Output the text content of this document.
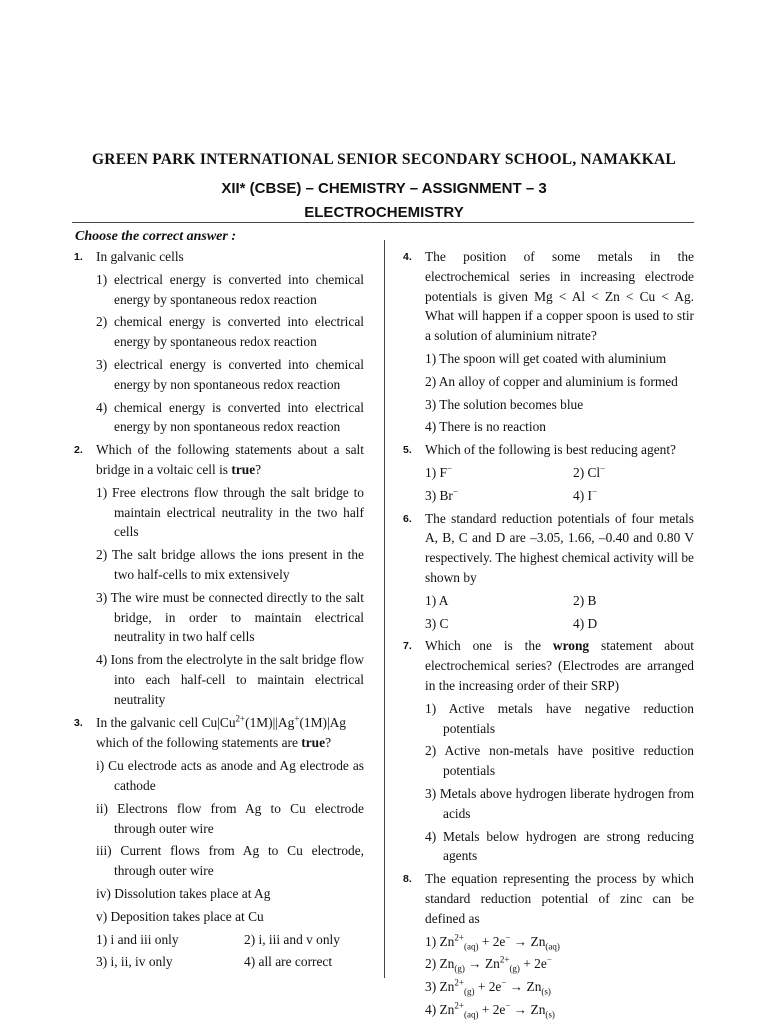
GREEN PARK INTERNATIONAL SENIOR SECONDARY SCHOOL, NAMAKKAL
XII* (CBSE) – CHEMISTRY – ASSIGNMENT – 3
ELECTROCHEMISTRY
Choose the correct answer :
1. In galvanic cells
1) electrical energy is converted into chemical energy by spontaneous redox reaction
2) chemical energy is converted into electrical energy by spontaneous redox reaction
3) electrical energy is converted into chemical energy by non spontaneous redox reaction
4) chemical energy is converted into electrical energy by non spontaneous redox reaction
2. Which of the following statements about a salt bridge in a voltaic cell is true?
1) Free electrons flow through the salt bridge to maintain electrical neutrality in the two half cells
2) The salt bridge allows the ions present in the two half-cells to mix extensively
3) The wire must be connected directly to the salt bridge, in order to maintain electrical neutrality in two half cells
4) Ions from the electrolyte in the salt bridge flow into each half-cell to maintain electrical neutrality
3. In the galvanic cell $Cu|Cu^{2+}(1M)||Ag^+(1M)|Ag$
which of the following statements are true?
i) Cu electrode acts as anode and Ag electrode as cathode
ii) Electrons flow from Ag to Cu electrode through outer wire
iii) Current flows from Ag to Cu electrode, through outer wire
iv) Dissolution takes place at Ag
v) Deposition takes place at Cu
1) i and iii only	2) i, iii and v only
3) i, ii, iv only	4) all are correct
4. The position of some metals in the electrochemical series in increasing electrode potentials is given Mg < Al < Zn < Cu < Ag. What will happen if a copper spoon is used to stir a solution of aluminium nitrate?
1) The spoon will get coated with aluminium
2) An alloy of copper and aluminium is formed
3) The solution becomes blue
4) There is no reaction
5. Which of the following is best reducing agent?
1) F−	2) Cl−
3) Br−	4) I−
6. The standard reduction potentials of four metals A, B, C and D are –3.05, 1.66, –0.40 and 0.80 V respectively. The highest chemical activity will be shown by
1) A	2) B
3) C	4) D
7. Which one is the wrong statement about electrochemical series? (Electrodes are arranged in the increasing order of their SRP)
1) Active metals have negative reduction potentials
2) Active non-metals have positive reduction potentials
3) Metals above hydrogen liberate hydrogen from acids
4) Metals below hydrogen are strong reducing agents
8. The equation representing the process by which standard reduction potential of zinc can be defined as
1) $Zn^{2+}_{(aq)} + 2e^- \to Zn_{(aq)}$
2) $Zn_{(g)} \to Zn^{2+}_{(g)} + 2e^-$
3) $Zn^{2+}_{(g)} + 2e^- \to Zn_{(s)}$
4) $Zn^{2+}_{(aq)} + 2e^- \to Zn_{(s)}$
